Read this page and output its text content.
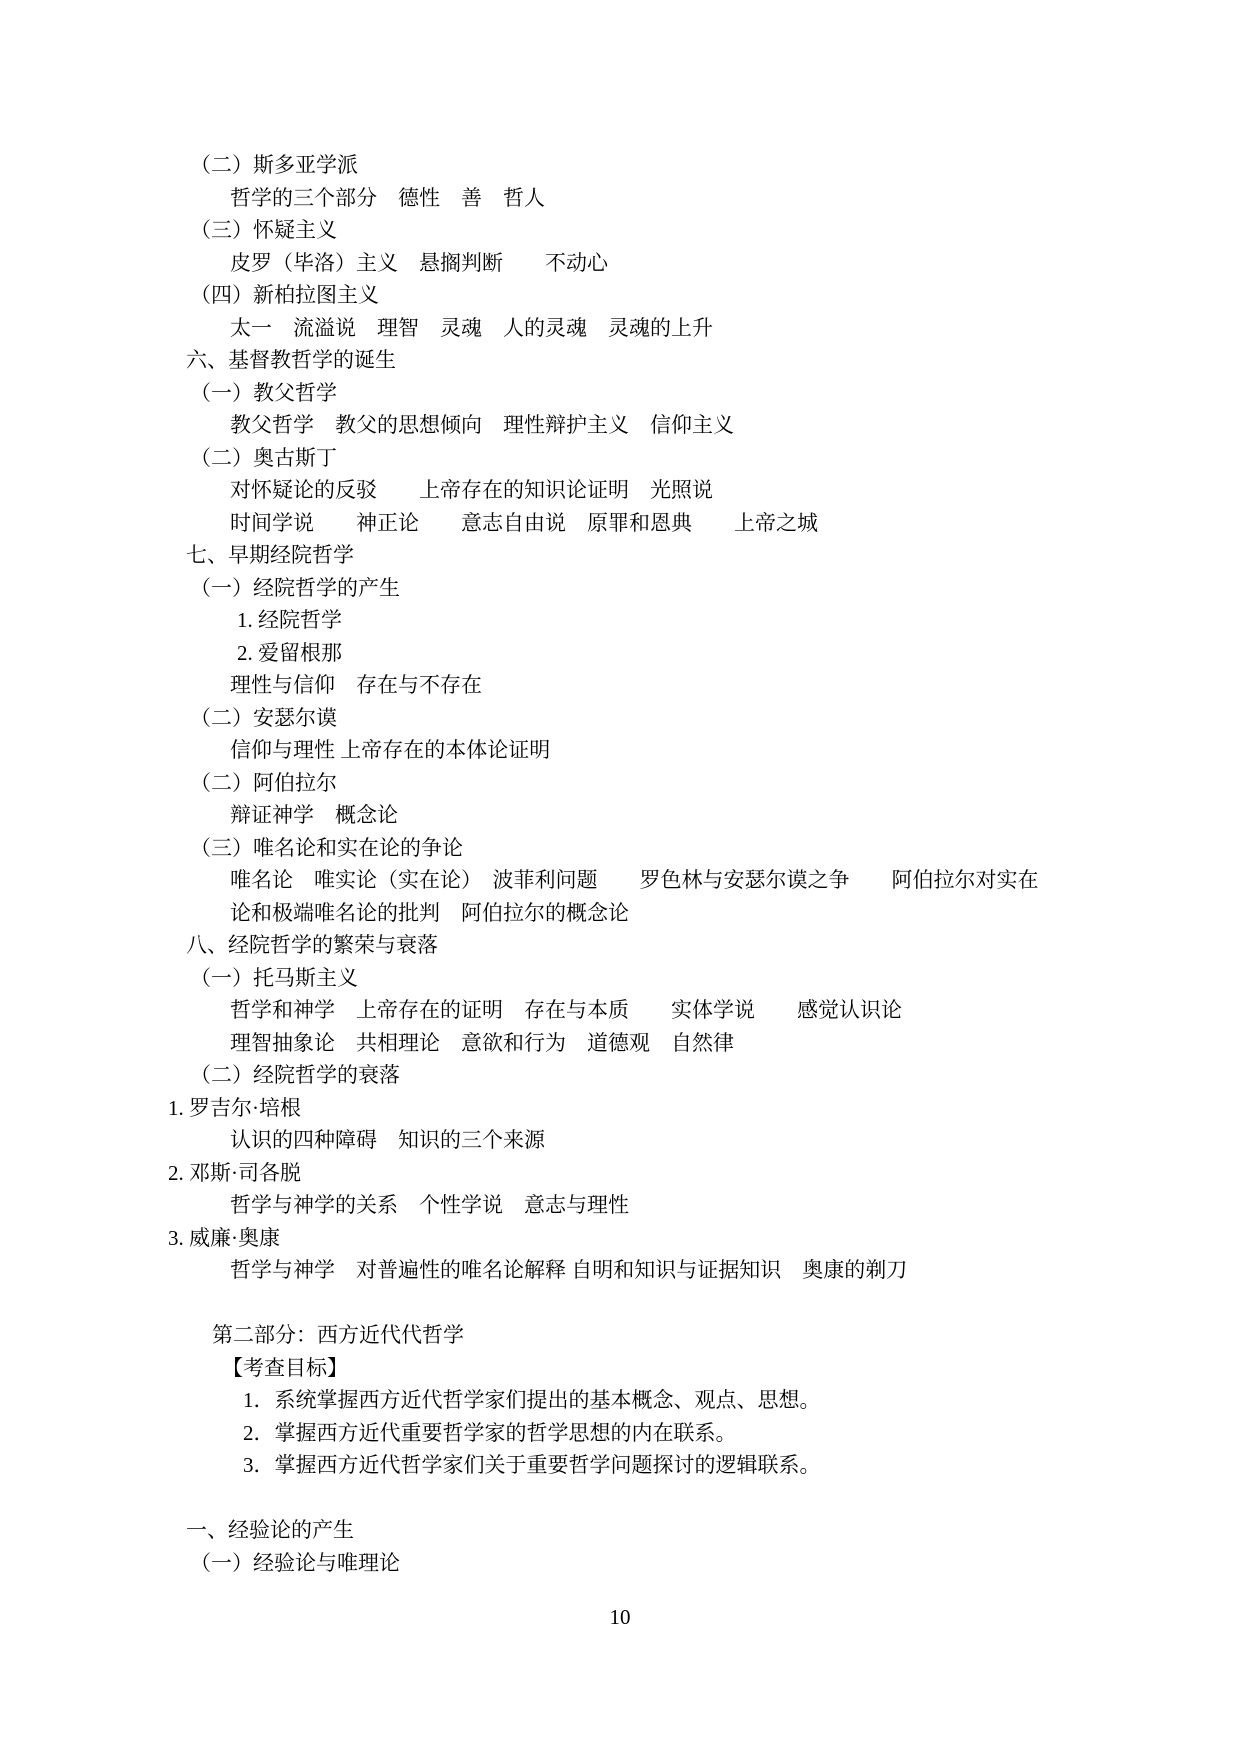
（二）斯多亚学派
哲学的三个部分　德性　善　哲人
（三）怀疑主义
皮罗（毕洛）主义　悬搁判断　　不动心
（四）新柏拉图主义
太一　流溢说　理智　灵魂　人的灵魂　灵魂的上升
六、基督教哲学的诞生
（一）教父哲学
教父哲学　教父的思想倾向　理性辩护主义　信仰主义
（二）奥古斯丁
对怀疑论的反驳　　上帝存在的知识论证明　光照说
时间学说　　神正论　　意志自由说　原罪和恩典　　上帝之城
七、早期经院哲学
（一）经院哲学的产生
1. 经院哲学
2. 爱留根那
理性与信仰　存在与不存在
（二）安瑟尔谟
信仰与理性 上帝存在的本体论证明
（二）阿伯拉尔
辩证神学　概念论
（三）唯名论和实在论的争论
唯名论　唯实论（实在论）　波菲利问题　　罗色林与安瑟尔谟之争　　阿伯拉尔对实在
论和极端唯名论的批判　阿伯拉尔的概念论
八、经院哲学的繁荣与衰落
（一）托马斯主义
哲学和神学　上帝存在的证明　存在与本质　　实体学说　　感觉认识论
理智抽象论　共相理论　意欲和行为　道德观　自然律
（二）经院哲学的衰落
1. 罗吉尔·培根
认识的四种障碍　知识的三个来源
2. 邓斯·司各脱
哲学与神学的关系　个性学说　意志与理性
3. 威廉·奥康
哲学与神学　对普遍性的唯名论解释 自明和知识与证据知识　奥康的剃刀
第二部分：西方近代代哲学
【考查目标】
1．系统掌握西方近代哲学家们提出的基本概念、观点、思想。
2．掌握西方近代重要哲学家的哲学思想的内在联系。
3．掌握西方近代哲学家们关于重要哲学问题探讨的逻辑联系。
一、经验论的产生
（一）经验论与唯理论
10
